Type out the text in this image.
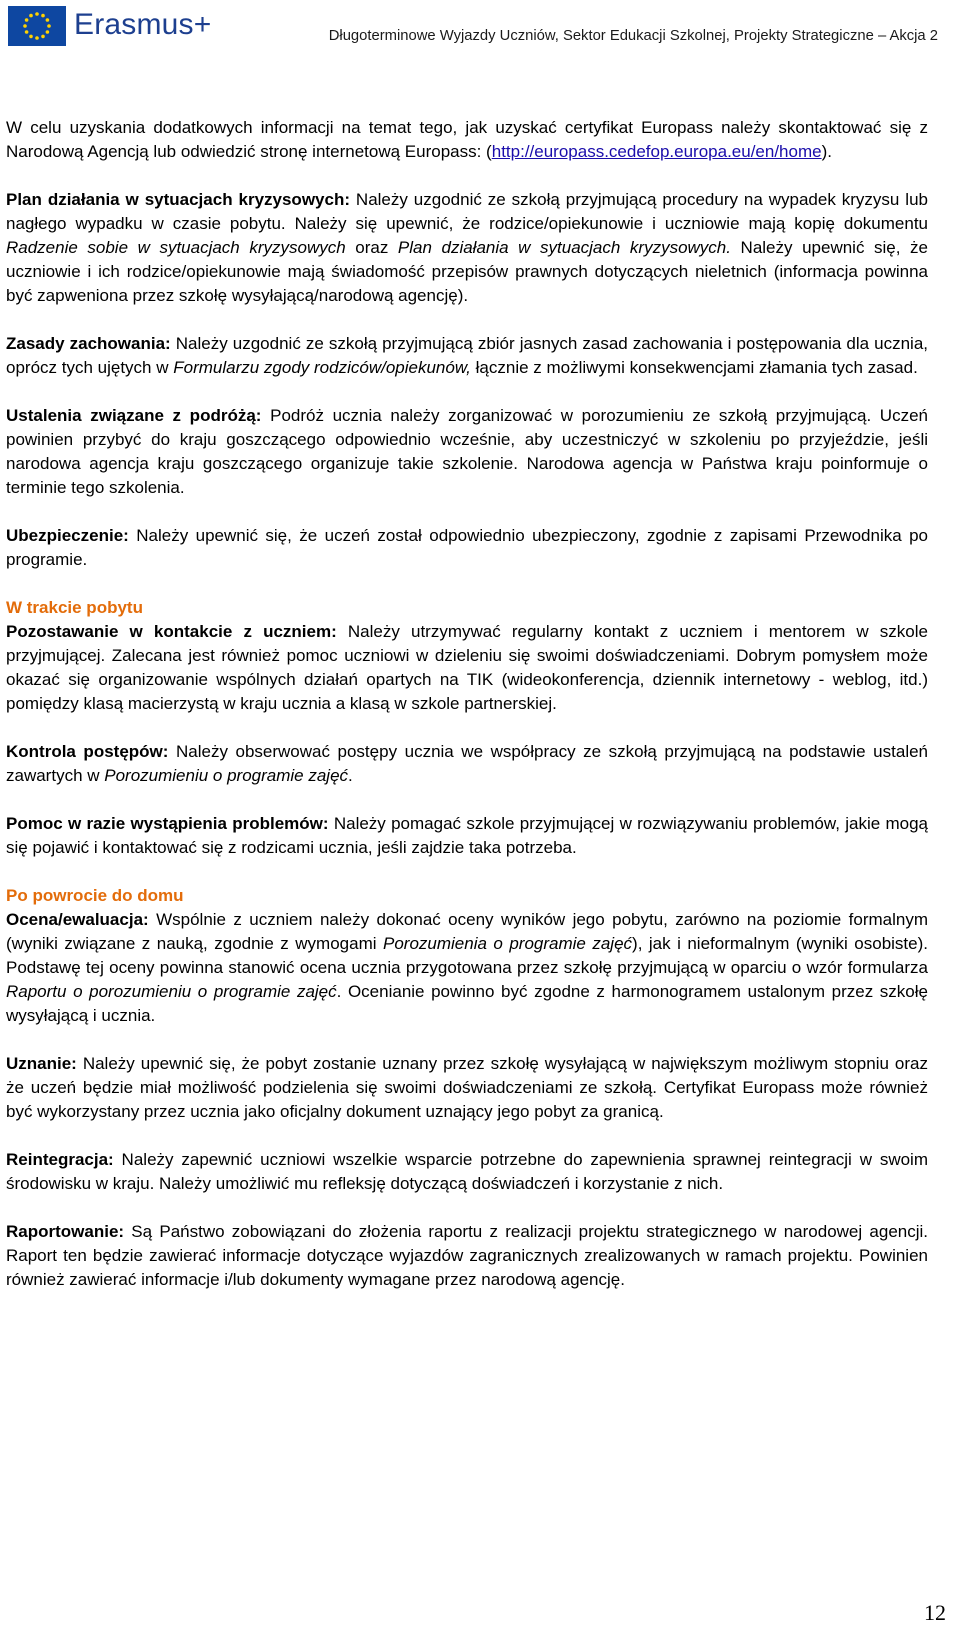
Erasmus+	Długoterminowe Wyjazdy Uczniów, Sektor Edukacji Szkolnej, Projekty Strategiczne – Akcja 2

W celu uzyskania dodatkowych informacji na temat tego, jak uzyskać certyfikat Europass należy skontaktować się z Narodową Agencją lub odwiedzić stronę internetową Europass: (http://europass.cedefop.europa.eu/en/home).

Plan działania w sytuacjach kryzysowych: Należy uzgodnić ze szkołą przyjmującą procedury na wypadek kryzysu lub nagłego wypadku w czasie pobytu. Należy się upewnić, że rodzice/opiekunowie i uczniowie mają kopię dokumentu Radzenie sobie w sytuacjach kryzysowych oraz Plan działania w sytuacjach kryzysowych. Należy upewnić się, że uczniowie i ich rodzice/opiekunowie mają świadomość przepisów prawnych dotyczących nieletnich (informacja powinna być zapweniona przez szkołę wysyłającą/narodową agencję).

Zasady zachowania: Należy uzgodnić ze szkołą przyjmującą zbiór jasnych zasad zachowania i postępowania dla ucznia, oprócz tych ujętych w Formularzu zgody rodziców/opiekunów, łącznie z możliwymi konsekwencjami złamania tych zasad.

Ustalenia związane z podróżą: Podróż ucznia należy zorganizować w porozumieniu ze szkołą przyjmującą. Uczeń powinien przybyć do kraju goszczącego odpowiednio wcześnie, aby uczestniczyć w szkoleniu po przyjeździe, jeśli narodowa agencja kraju goszczącego organizuje takie szkolenie. Narodowa agencja w Państwa kraju poinformuje o terminie tego szkolenia.

Ubezpieczenie: Należy upewnić się, że uczeń został odpowiednio ubezpieczony, zgodnie z zapisami Przewodnika po programie.

W trakcie pobytu

Pozostawanie w kontakcie z uczniem: Należy utrzymywać regularny kontakt z uczniem i mentorem w szkole przyjmującej. Zalecana jest również pomoc uczniowi w dzieleniu się swoimi doświadczeniami. Dobrym pomysłem może okazać się organizowanie wspólnych działań opartych na TIK (wideokonferencja, dziennik internetowy - weblog, itd.) pomiędzy klasą macierzystą w kraju ucznia a klasą w szkole partnerskiej.

Kontrola postępów: Należy obserwować postępy ucznia we współpracy ze szkołą przyjmującą na podstawie ustaleń zawartych w Porozumieniu o programie zajęć.

Pomoc w razie wystąpienia problemów: Należy pomagać szkole przyjmującej w rozwiązywaniu problemów, jakie mogą się pojawić i kontaktować się z rodzicami ucznia, jeśli zajdzie taka potrzeba.

Po powrocie do domu

Ocena/ewaluacja: Wspólnie z uczniem należy dokonać oceny wyników jego pobytu, zarówno na poziomie formalnym (wyniki związane z nauką, zgodnie z wymogami Porozumienia o programie zajęć), jak i nieformalnym (wyniki osobiste). Podstawę tej oceny powinna stanowić ocena ucznia przygotowana przez szkołę przyjmującą w oparciu o wzór formularza Raportu o porozumieniu o programie zajęć. Ocenianie powinno być zgodne z harmonogramem ustalonym przez szkołę wysyłającą i ucznia.

Uznanie: Należy upewnić się, że pobyt zostanie uznany przez szkołę wysyłającą w największym możliwym stopniu oraz że uczeń będzie miał możliwość podzielenia się swoimi doświadczeniami ze szkołą. Certyfikat Europass może również być wykorzystany przez ucznia jako oficjalny dokument uznający jego pobyt za granicą.

Reintegracja: Należy zapewnić uczniowi wszelkie wsparcie potrzebne do zapewnienia sprawnej reintegracji w swoim środowisku w kraju. Należy umożliwić mu refleksję dotyczącą doświadczeń i korzystanie z nich.

Raportowanie: Są Państwo zobowiązani do złożenia raportu z realizacji projektu strategicznego w narodowej agencji. Raport ten będzie zawierać informacje dotyczące wyjazdów zagranicznych zrealizowanych w ramach projektu. Powinien również zawierać informacje i/lub dokumenty wymagane przez narodową agencję.

12
